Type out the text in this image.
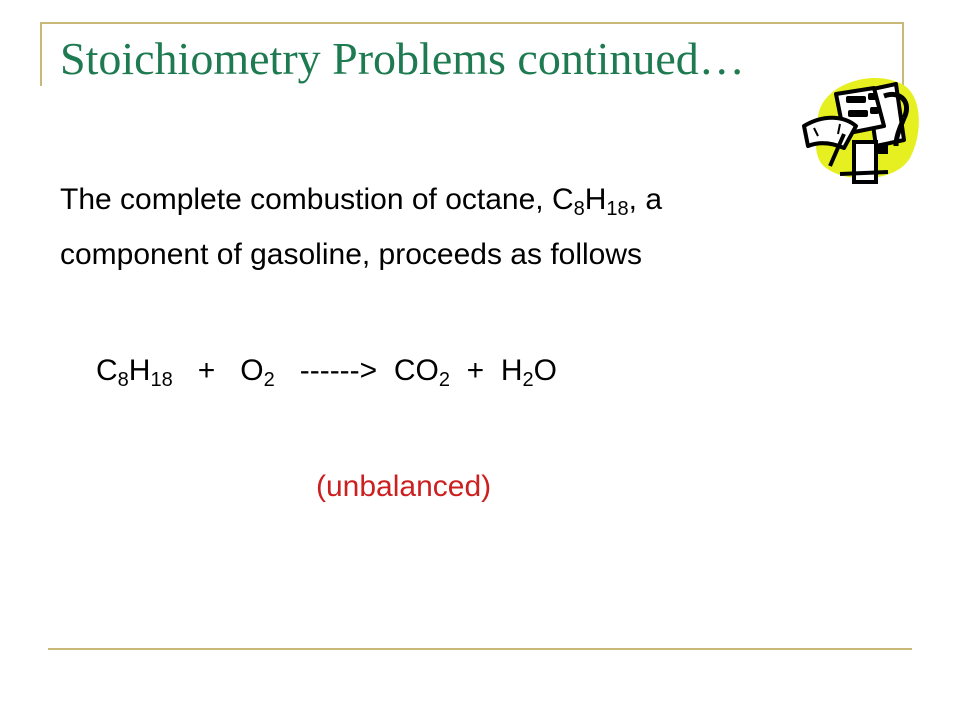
Stoichiometry Problems continued…
The complete combustion of octane, $C_8H_{18}$, a
component of gasoline, proceeds as follows
$C_8H_{18} + O_2$   ------>  $CO_2 + H_2O$
(unbalanced)
